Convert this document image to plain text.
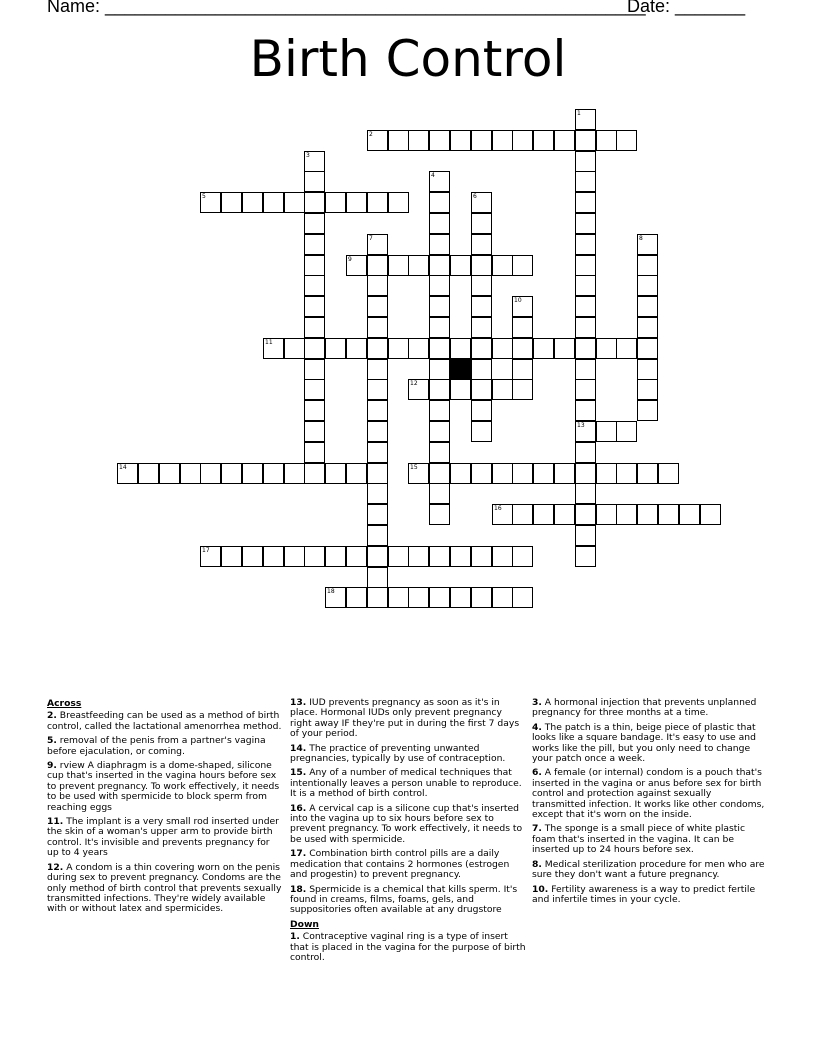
Name: ______________________________________________________
Date: _______
Birth Control
1
2
3
4
5	6
7	8
9
10
11
12
13
14	15
16
17
18
Across
2. Breastfeeding can be used as a method of birth control, called the lactational amenorrhea method.
5. removal of the penis from a partner's vagina before ejaculation, or coming.
9. rview A diaphragm is a dome-shaped, silicone cup that's inserted in the vagina hours before sex to prevent pregnancy. To work effectively, it needs to be used with spermicide to block sperm from reaching eggs
11. The implant is a very small rod inserted under the skin of a woman's upper arm to provide birth control. It's invisible and prevents pregnancy for up to 4 years
12. A condom is a thin covering worn on the penis during sex to prevent pregnancy. Condoms are the only method of birth control that prevents sexually transmitted infections. They're widely available with or without latex and spermicides.
13. IUD prevents pregnancy as soon as it's in place. Hormonal IUDs only prevent pregnancy right away IF they're put in during the first 7 days of your period.
14. The practice of preventing unwanted pregnancies, typically by use of contraception.
15. Any of a number of medical techniques that intentionally leaves a person unable to reproduce. It is a method of birth control.
16. A cervical cap is a silicone cup that's inserted into the vagina up to six hours before sex to prevent pregnancy. To work effectively, it needs to be used with spermicide.
17. Combination birth control pills are a daily medication that contains 2 hormones (estrogen and progestin) to prevent pregnancy.
18. Spermicide is a chemical that kills sperm. It's found in creams, films, foams, gels, and suppositories often available at any drugstore
Down
1. Contraceptive vaginal ring is a type of insert that is placed in the vagina for the purpose of birth control.
3. A hormonal injection that prevents unplanned pregnancy for three months at a time.
4. The patch is a thin, beige piece of plastic that looks like a square bandage. It's easy to use and works like the pill, but you only need to change your patch once a week.
6. A female (or internal) condom is a pouch that's inserted in the vagina or anus before sex for birth control and protection against sexually transmitted infection. It works like other condoms, except that it's worn on the inside.
7. The sponge is a small piece of white plastic foam that's inserted in the vagina. It can be inserted up to 24 hours before sex.
8. Medical sterilization procedure for men who are sure they don't want a future pregnancy.
10. Fertility awareness is a way to predict fertile and infertile times in your cycle.
